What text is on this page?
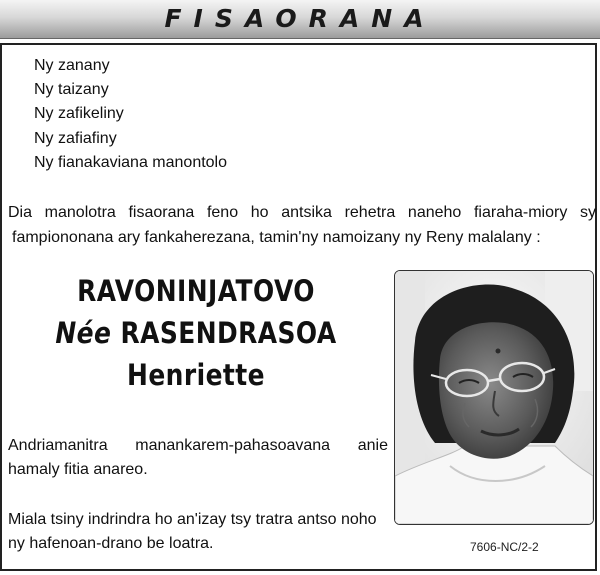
FISAORANA
Ny zanany
Ny taizany
Ny zafikeliny
Ny zafiafiny
Ny fianakaviana manontolo

Dia manolotra fisaorana feno ho antsika rehetra naneho fiaraha-miory sy
fampiononana ary fankaherezana, tamin'ny namoizany ny Reny malalany :

RAVONINJATOVO
Née RASENDRASOA
Henriette

Andriamanitra manankarem-pahasoavana anie
hamaly fitia anareo.

Miala tsiny indrindra ho an'izay tsy tratra antso noho
ny hafenoan-drano be loatra.	7606-NC/2-2
